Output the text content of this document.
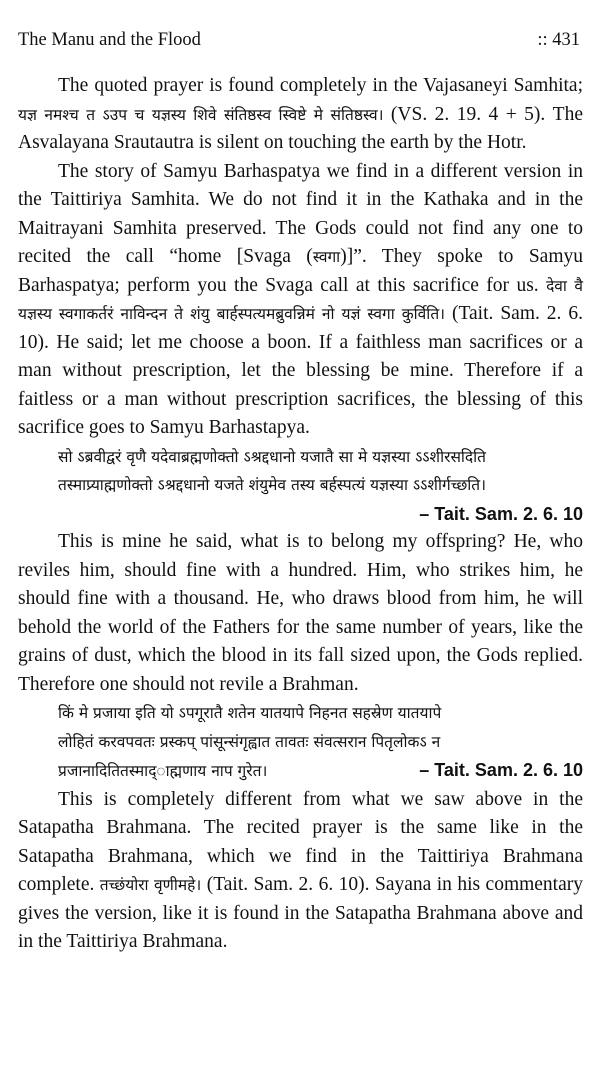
The Manu and the Flood	:: 431

The quoted prayer is found completely in the Vajasaneyi Samhita; यज्ञ नमश्च त ऽउप च यज्ञस्य शिवे संतिष्ठस्व स्विष्टे मे संतिष्ठस्व। (VS. 2. 19. 4 + 5). The Asvalayana Srautautra is silent on touching the earth by the Hotr.

The story of Samyu Barhaspatya we find in a different version in the Taittiriya Samhita. We do not find it in the Kathaka and in the Maitrayani Samhita preserved. The Gods could not find any one to recited the call “home [Svaga (स्वगा)]”. They spoke to Samyu Barhaspatya; perform you the Svaga call at this sacrifice for us. देवा वै यज्ञस्य स्वगाकर्तरं नाविन्दन ते शंयु बार्हस्पत्यमब्रुवन्निमं नो यज्ञं स्वगा कुर्विति। (Tait. Sam. 2. 6. 10). He said; let me choose a boon. If a faithless man sacrifices or a man without prescription, let the blessing be mine. Therefore if a faitless or a man without prescription sacrifices, the blessing of this sacrifice goes to Samyu Barhastapya.

सो ऽब्रवीद्वरं वृणै यदेवाब्रह्मणोक्तो ऽश्रद्दधानो यजातै सा मे यज्ञस्या ऽऽशीरसदिति
तस्माप्र्याह्मणोक्तो ऽश्रद्दधानो यजते शंयुमेव तस्य बर्हस्पत्यं यज्ञस्या ऽऽशीर्गच्छति।

– Tait. Sam. 2. 6. 10

This is mine he said, what is to belong my offspring? He, who reviles him, should fine with a hundred. Him, who strikes him, he should fine with a thousand. He, who draws blood from him, he will behold the world of the Fathers for the same number of years, like the grains of dust, which the blood in its fall sized upon, the Gods replied. Therefore one should not revile a Brahman.

किं मे प्रजाया इति यो ऽपगूरातै शतेन यातयापे निहनत सहस्रेण यातयापे
लोहितं करवपवतः प्रस्कप् पांसून्संगृह्वात तावतः संवत्सरान पितृलोकऽ न
प्रजानादितितस्माद्ाह्मणाय नाप गुरेत।	– Tait. Sam. 2. 6. 10

This is completely different from what we saw above in the Satapatha Brahmana. The recited prayer is the same like in the Satapatha Brahmana, which we find in the Taittiriya Brahmana complete. तच्छंयोरा वृणीमहे। (Tait. Sam. 2. 6. 10). Sayana in his commentary gives the version, like it is found in the Satapatha Brahmana above and in the Taittiriya Brahmana.
